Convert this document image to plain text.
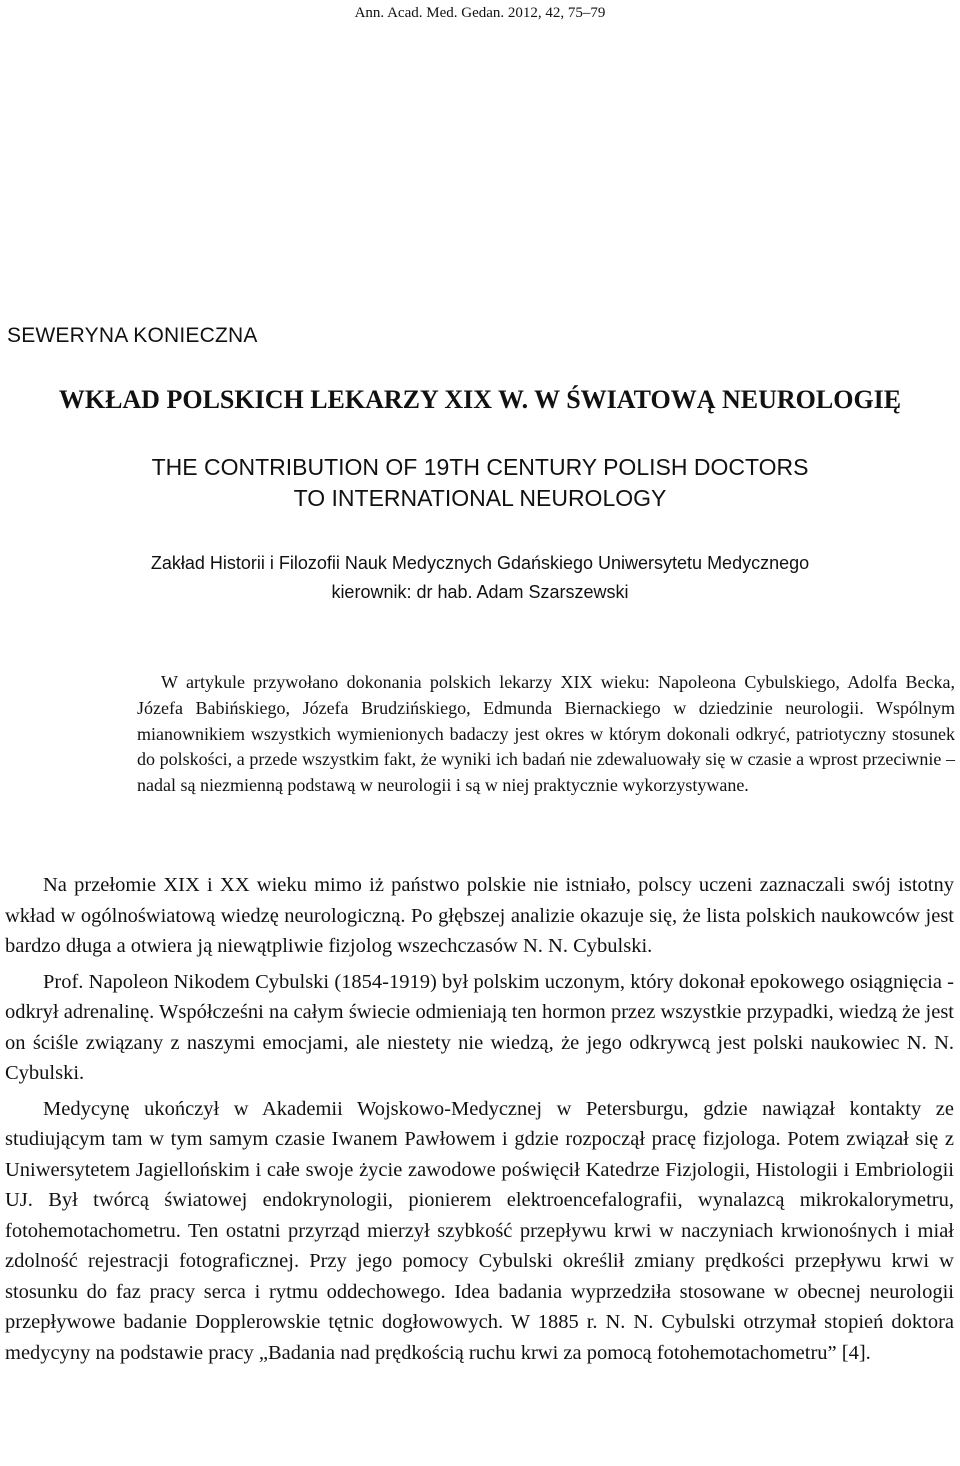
Ann. Acad. Med. Gedan. 2012, 42, 75–79
SEWERYNA KONIECZNA
WKŁAD POLSKICH LEKARZY XIX W. W ŚWIATOWĄ NEUROLOGIĘ
THE CONTRIBUTION OF 19TH CENTURY POLISH DOCTORS
TO INTERNATIONAL NEUROLOGY
Zakład Historii i Filozofii Nauk Medycznych Gdańskiego Uniwersytetu Medycznego
kierownik: dr hab. Adam Szarszewski
W artykule przywołano dokonania polskich lekarzy XIX wieku: Napoleona Cybulskiego, Adolfa Becka, Józefa Babińskiego, Józefa Brudzińskiego, Edmunda Biernackiego w dziedzinie neurologii. Wspólnym mianownikiem wszystkich wymienionych badaczy jest okres w którym dokonali odkryć, patriotyczny stosunek do polskości, a przede wszystkim fakt, że wyniki ich badań nie zdewaluowały się w czasie a wprost przeciwnie – nadal są niezmienną podstawą w neurologii i są w niej praktycznie wykorzystywane.

Na przełomie XIX i XX wieku mimo iż państwo polskie nie istniało, polscy uczeni zaznaczali swój istotny wkład w ogólnoświatową wiedzę neurologiczną. Po głębszej analizie okazuje się, że lista polskich naukowców jest bardzo długa a otwiera ją niewątpliwie fizjolog wszechczasów N. N. Cybulski.

Prof. Napoleon Nikodem Cybulski (1854-1919) był polskim uczonym, który dokonał epokowego osiągnięcia - odkrył adrenalinę. Współcześni na całym świecie odmieniają ten hormon przez wszystkie przypadki, wiedzą że jest on ściśle związany z naszymi emocjami, ale niestety nie wiedzą, że jego odkrywcą jest polski naukowiec N. N. Cybulski.

Medycynę ukończył w Akademii Wojskowo-Medycznej w Petersburgu, gdzie nawiązał kontakty ze studiującym tam w tym samym czasie Iwanem Pawłowem i gdzie rozpoczął pracę fizjologa. Potem związał się z Uniwersytetem Jagiellońskim i całe swoje życie zawodowe poświęcił Katedrze Fizjologii, Histologii i Embriologii UJ. Był twórcą światowej endokrynologii, pionierem elektroencefalografii, wynalazcą mikrokalorymetru, fotohemotachometru. Ten ostatni przyrząd mierzył szybkość przepływu krwi w naczyniach krwionośnych i miał zdolność rejestracji fotograficznej. Przy jego pomocy Cybulski określił zmiany prędkości przepływu krwi w stosunku do faz pracy serca i rytmu oddechowego. Idea badania wyprzedziła stosowane w obecnej neurologii przepływowe badanie Dopplerowskie tętnic dogłowowych. W 1885 r. N. N. Cybulski otrzymał stopień doktora medycyny na podstawie pracy „Badania nad prędkością ruchu krwi za pomocą fotohemotachometru” [4].
